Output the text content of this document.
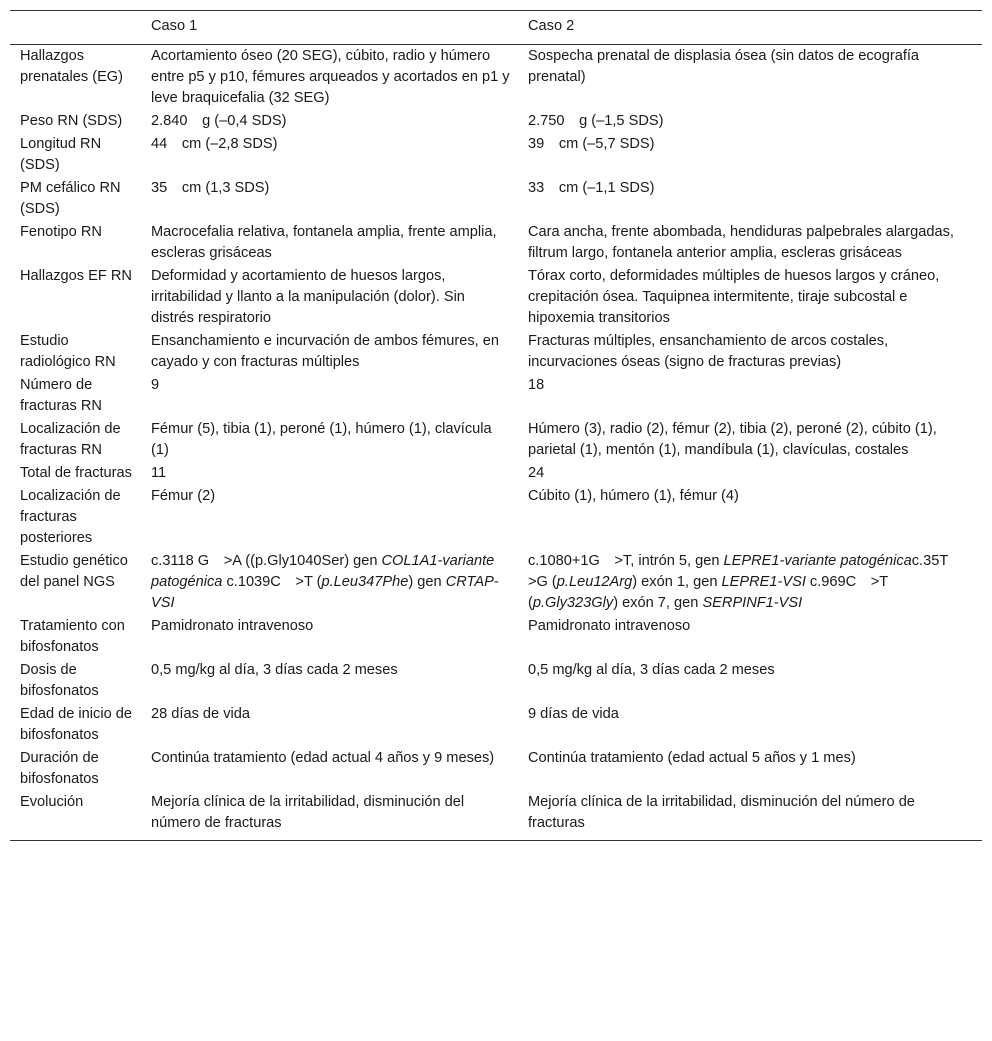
	Caso 1	Caso 2
Hallazgos prenatales (EG)	Acortamiento óseo (20 SEG), cúbito, radio y húmero entre p5 y p10, fémures arqueados y acortados en p1 y leve braquicefalia (32 SEG)	Sospecha prenatal de displasia ósea (sin datos de ecografía prenatal)
Peso RN (SDS)	2.840  g (–0,4 SDS)	2.750  g (–1,5 SDS)
Longitud RN (SDS)	44  cm (–2,8 SDS)	39  cm (–5,7 SDS)
PM cefálico RN (SDS)	35  cm (1,3 SDS)	33  cm (–1,1 SDS)
Fenotipo RN	Macrocefalia relativa, fontanela amplia, frente amplia, escleras grisáceas	Cara ancha, frente abombada, hendiduras palpebrales alargadas, filtrum largo, fontanela anterior amplia, escleras grisáceas
Hallazgos EF RN	Deformidad y acortamiento de huesos largos, irritabilidad y llanto a la manipulación (dolor). Sin distrés respiratorio	Tórax corto, deformidades múltiples de huesos largos y cráneo, crepitación ósea. Taquipnea intermitente, tiraje subcostal e hipoxemia transitorios
Estudio radiológico RN	Ensanchamiento e incurvación de ambos fémures, en cayado y con fracturas múltiples	Fracturas múltiples, ensanchamiento de arcos costales, incurvaciones óseas (signo de fracturas previas)
Número de fracturas RN	9	18
Localización de fracturas RN	Fémur (5), tibia (1), peroné (1), húmero (1), clavícula (1)	Húmero (3), radio (2), fémur (2), tibia (2), peroné (2), cúbito (1), parietal (1), mentón (1), mandíbula (1), clavículas, costales
Total de fracturas	11	24
Localización de fracturas posteriores	Fémur (2)	Cúbito (1), húmero (1), fémur (4)
Estudio genético del panel NGS	c.3118 G  >A ((p.Gly1040Ser) gen COL1A1-variante patogénica c.1039C  >T (p.Leu347Phe) gen CRTAP-VSI	c.1080+1G  >T, intrón 5, gen LEPRE1-variante patogénicac.35T  >G (p.Leu12Arg) exón 1, gen LEPRE1-VSI c.969C  >T (p.Gly323Gly) exón 7, gen SERPINF1-VSI
Tratamiento con bifosfonatos	Pamidronato intravenoso	Pamidronato intravenoso
Dosis de bifosfonatos	0,5 mg/kg al día, 3 días cada 2 meses	0,5 mg/kg al día, 3 días cada 2 meses
Edad de inicio de bifosfonatos	28 días de vida	9 días de vida
Duración de bifosfonatos	Continúa tratamiento (edad actual 4 años y 9 meses)	Continúa tratamiento (edad actual 5 años y 1 mes)
Evolución	Mejoría clínica de la irritabilidad, disminución del número de fracturas	Mejoría clínica de la irritabilidad, disminución del número de fracturas
